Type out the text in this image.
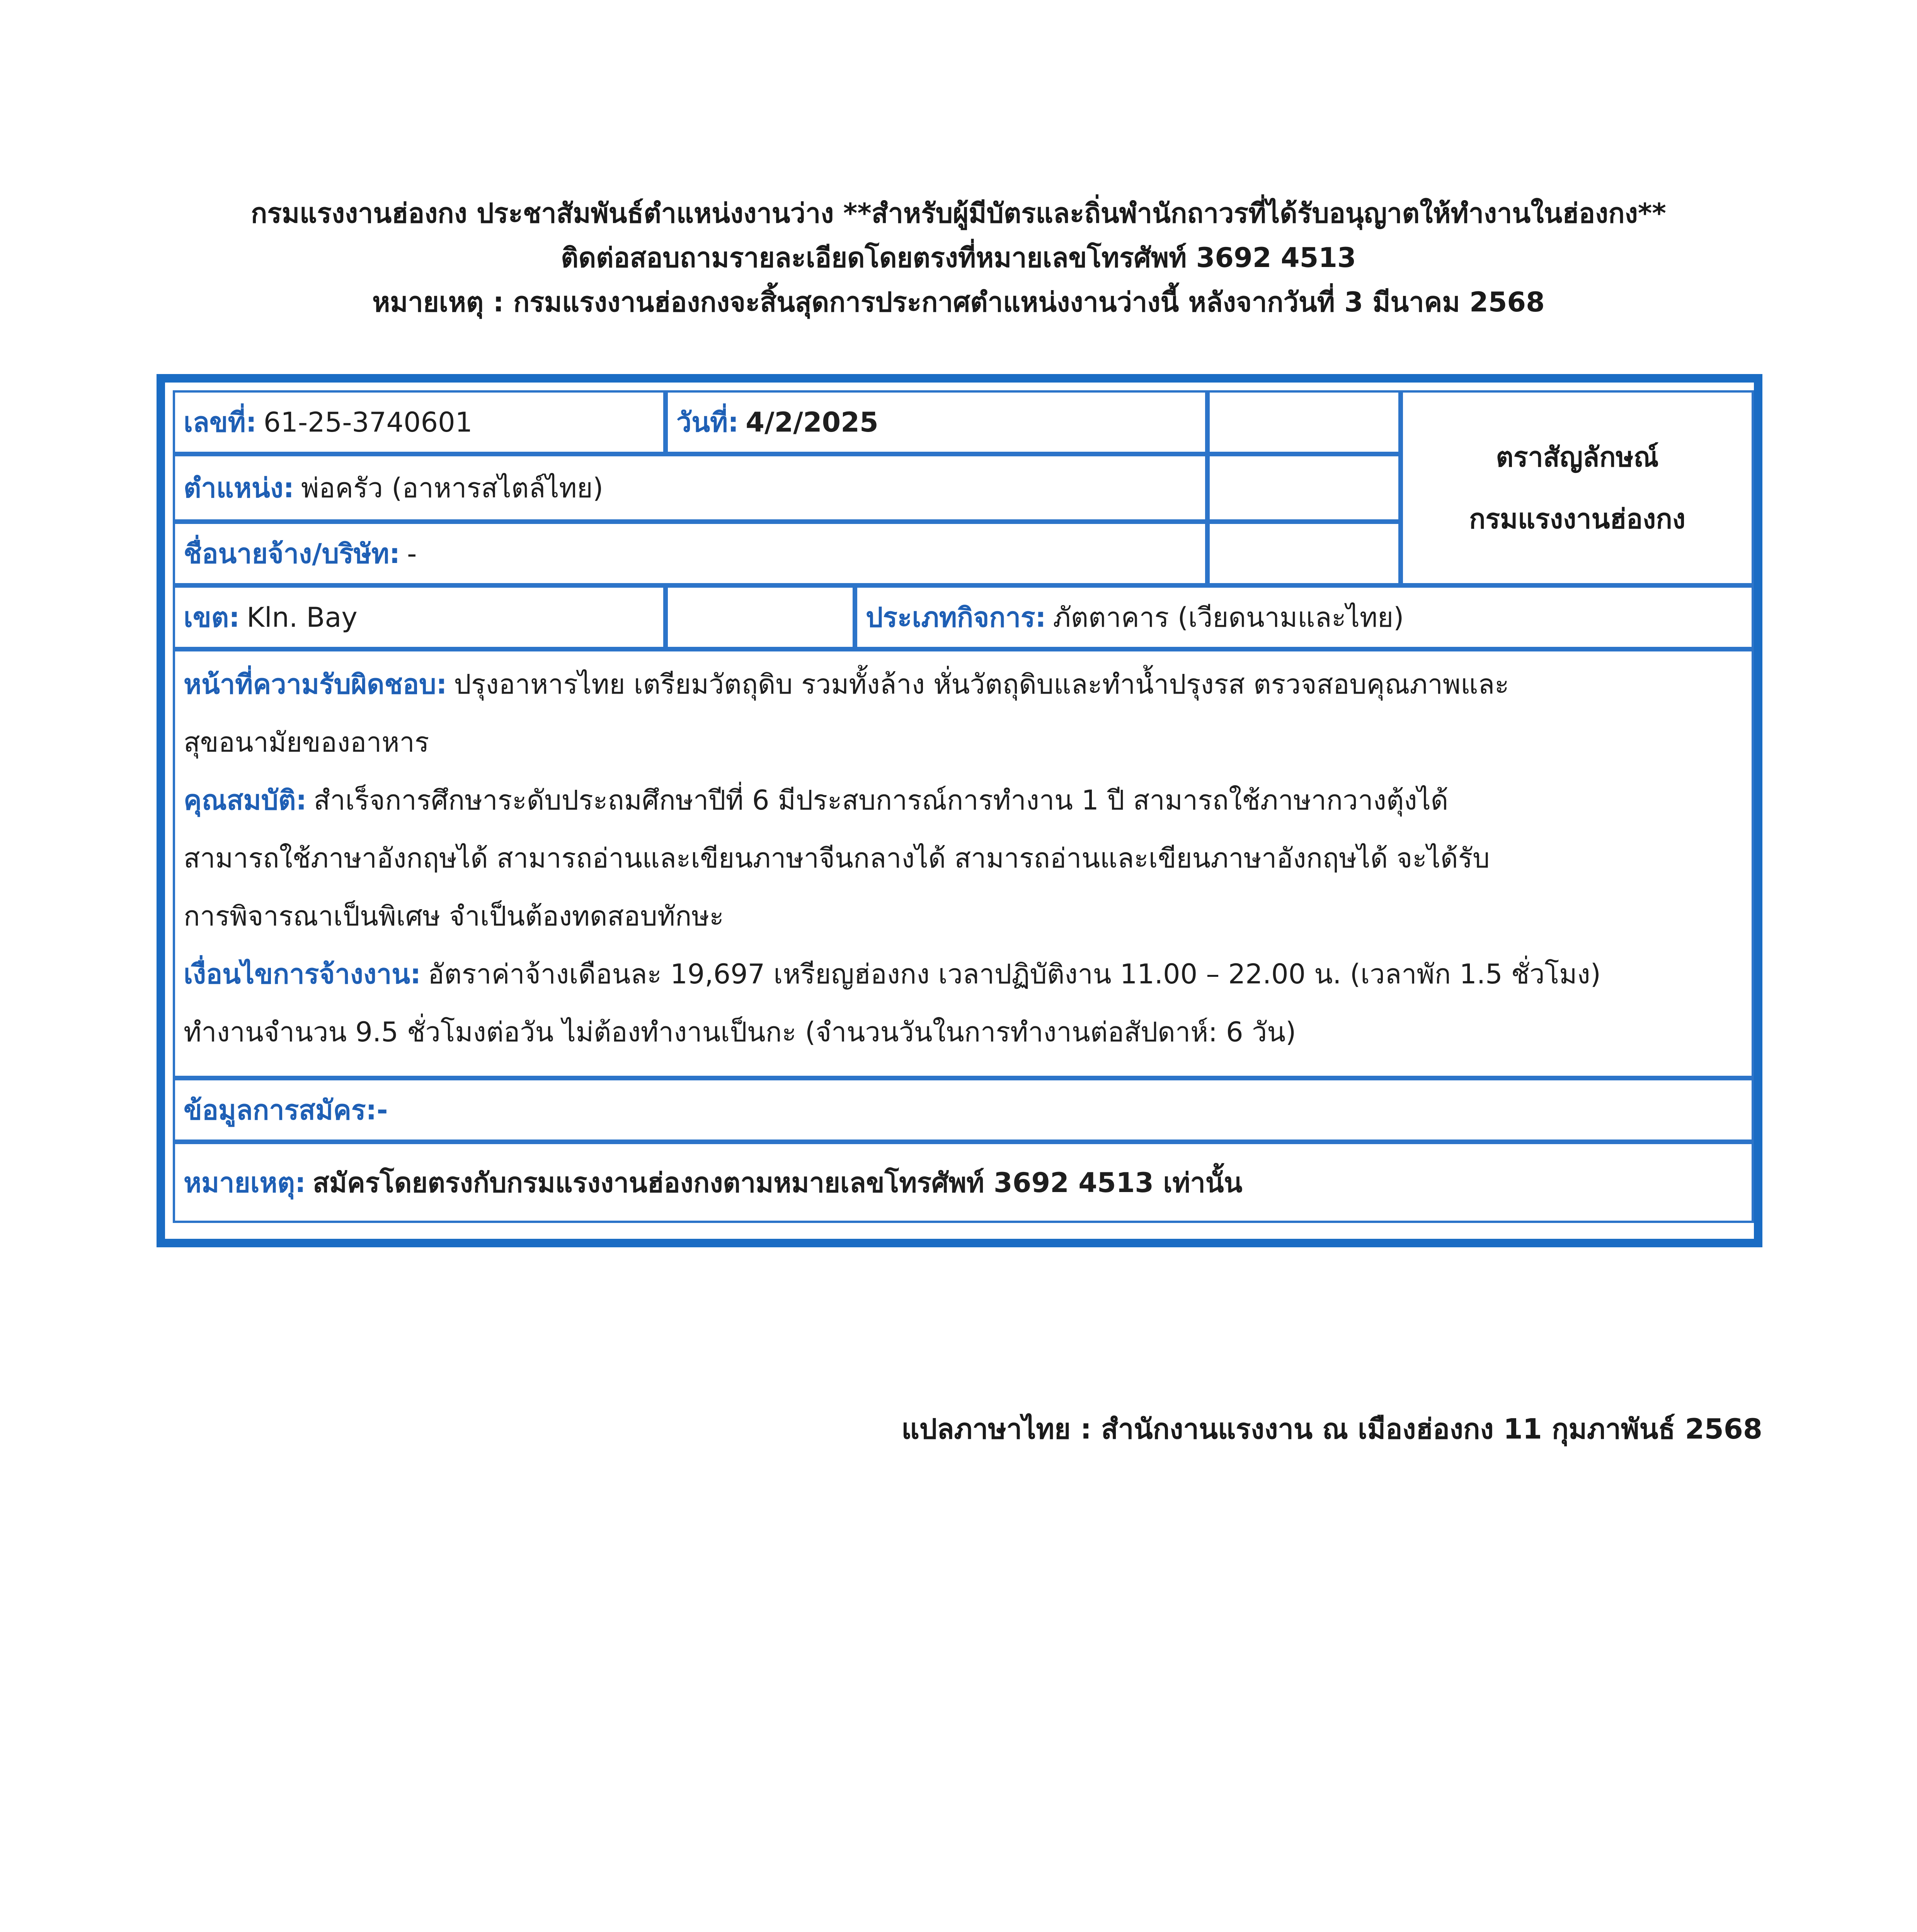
กรมแรงงานฮ่องกง ประชาสัมพันธ์ตำแหน่งงานว่าง **สำหรับผู้มีบัตรและถิ่นพำนักถาวรที่ได้รับอนุญาตให้ทำงานในฮ่องกง**
ติดต่อสอบถามรายละเอียดโดยตรงที่หมายเลขโทรศัพท์ 3692 4513
หมายเหตุ : กรมแรงงานฮ่องกงจะสิ้นสุดการประกาศตำแหน่งงานว่างนี้ หลังจากวันที่ 3 มีนาคม 2568
เลขที่: 61-25-3740601	วันที่: 4/2/2025
ตำแหน่ง: พ่อครัว (อาหารสไตล์ไทย)
ชื่อนายจ้าง/บริษัท: -
ตราสัญลักษณ์
กรมแรงงานฮ่องกง
เขต: Kln. Bay	ประเภทกิจการ: ภัตตาคาร (เวียดนามและไทย)
หน้าที่ความรับผิดชอบ: ปรุงอาหารไทย เตรียมวัตถุดิบ รวมทั้งล้าง หั่นวัตถุดิบและทำน้ำปรุงรส ตรวจสอบคุณภาพและ
สุขอนามัยของอาหาร
คุณสมบัติ: สำเร็จการศึกษาระดับประถมศึกษาปีที่ 6 มีประสบการณ์การทำงาน 1 ปี สามารถใช้ภาษากวางตุ้งได้
สามารถใช้ภาษาอังกฤษได้ สามารถอ่านและเขียนภาษาจีนกลางได้ สามารถอ่านและเขียนภาษาอังกฤษได้ จะได้รับ
การพิจารณาเป็นพิเศษ จำเป็นต้องทดสอบทักษะ
เงื่อนไขการจ้างงาน: อัตราค่าจ้างเดือนละ 19,697 เหรียญฮ่องกง เวลาปฏิบัติงาน 11.00 – 22.00 น. (เวลาพัก 1.5 ชั่วโมง)
ทำงานจำนวน 9.5 ชั่วโมงต่อวัน ไม่ต้องทำงานเป็นกะ (จำนวนวันในการทำงานต่อสัปดาห์: 6 วัน)
ข้อมูลการสมัคร:-
หมายเหตุ: สมัครโดยตรงกับกรมแรงงานฮ่องกงตามหมายเลขโทรศัพท์ 3692 4513 เท่านั้น
แปลภาษาไทย : สำนักงานแรงงาน ณ เมืองฮ่องกง 11 กุมภาพันธ์ 2568
